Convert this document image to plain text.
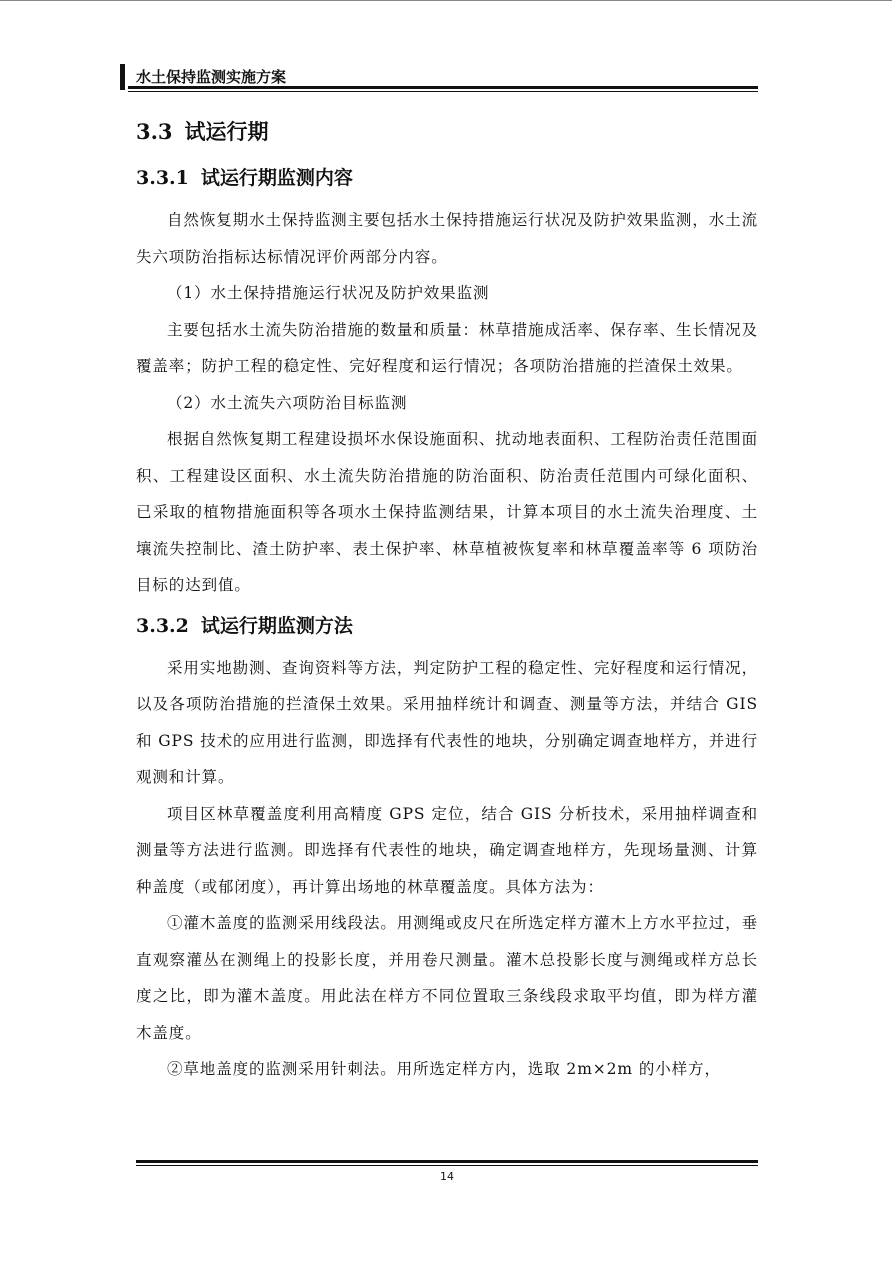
水土保持监测实施方案
3.3 试运行期
3.3.1 试运行期监测内容

自然恢复期水土保持监测主要包括水土保持措施运行状况及防护效果监测，水土流失六项防治指标达标情况评价两部分内容。

（1）水土保持措施运行状况及防护效果监测

主要包括水土流失防治措施的数量和质量：林草措施成活率、保存率、生长情况及覆盖率；防护工程的稳定性、完好程度和运行情况；各项防治措施的拦渣保土效果。

（2）水土流失六项防治目标监测

根据自然恢复期工程建设损坏水保设施面积、扰动地表面积、工程防治责任范围面积、工程建设区面积、水土流失防治措施的防治面积、防治责任范围内可绿化面积、已采取的植物措施面积等各项水土保持监测结果，计算本项目的水土流失治理度、土壤流失控制比、渣土防护率、表土保护率、林草植被恢复率和林草覆盖率等 6 项防治目标的达到值。

3.3.2 试运行期监测方法

采用实地勘测、查询资料等方法，判定防护工程的稳定性、完好程度和运行情况，以及各项防治措施的拦渣保土效果。采用抽样统计和调查、测量等方法，并结合 GIS 和 GPS 技术的应用进行监测，即选择有代表性的地块，分别确定调查地样方，并进行观测和计算。

项目区林草覆盖度利用高精度 GPS 定位，结合 GIS 分析技术，采用抽样调查和测量等方法进行监测。即选择有代表性的地块，确定调查地样方，先现场量测、计算种盖度（或郁闭度），再计算出场地的林草覆盖度。具体方法为：

①灌木盖度的监测采用线段法。用测绳或皮尺在所选定样方灌木上方水平拉过，垂直观察灌丛在测绳上的投影长度，并用卷尺测量。灌木总投影长度与测绳或样方总长度之比，即为灌木盖度。用此法在样方不同位置取三条线段求取平均值，即为样方灌木盖度。

②草地盖度的监测采用针刺法。用所选定样方内，选取 2m×2m 的小样方，

14
